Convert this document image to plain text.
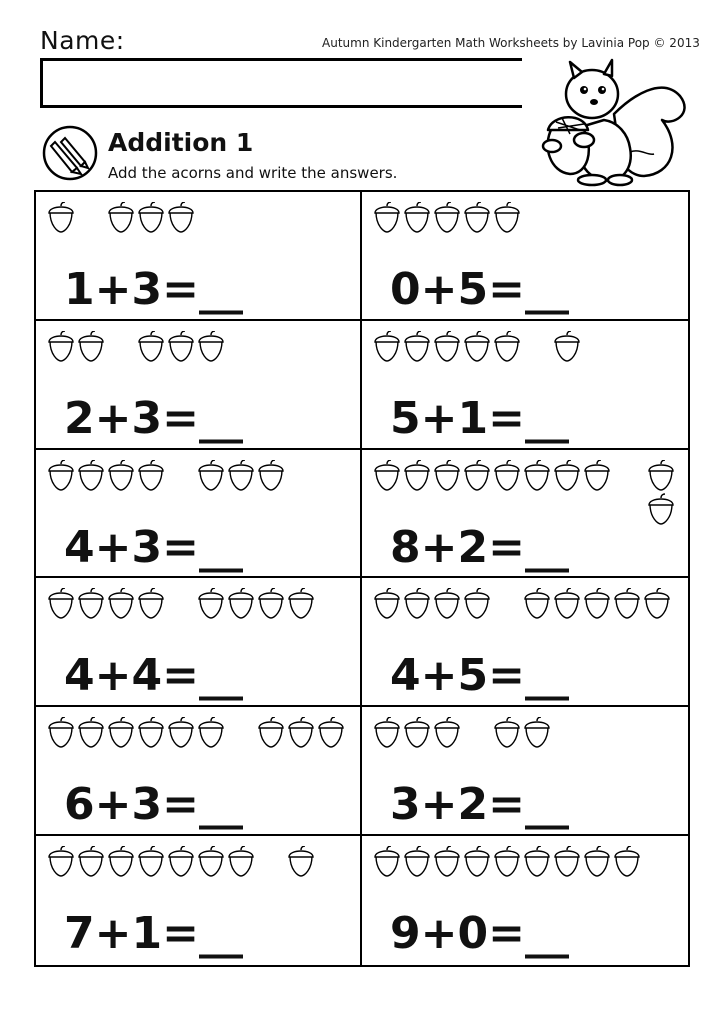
Name:	Autumn Kindergarten Math Worksheets by Lavinia Pop © 2013
Addition 1
Add the acorns and write the answers.
1+3=__	0+5=__
2+3=__	5+1=__
4+3=__	8+2=__
4+4=__	4+5=__
6+3=__	3+2=__
7+1=__	9+0=__
